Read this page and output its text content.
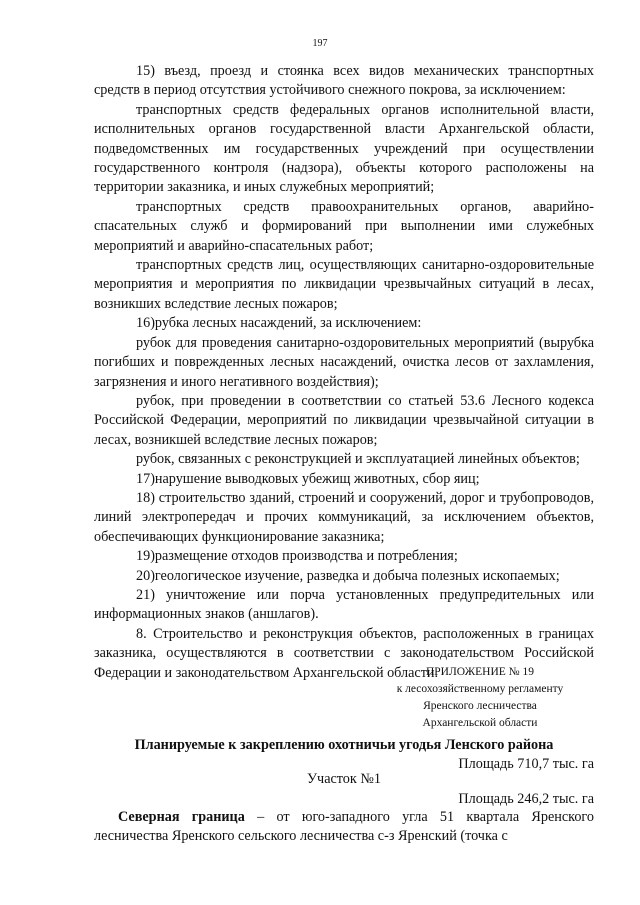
197

15) въезд, проезд и стоянка всех видов механических транспортных средств в период отсутствия устойчивого снежного покрова, за исключением:

транспортных средств федеральных органов исполнительной власти, исполнительных органов государственной власти Архангельской области, подведомственных им государственных учреждений при осуществлении государственного контроля (надзора), объекты которого расположены на территории заказника, и иных служебных мероприятий;

транспортных средств правоохранительных органов, аварийно-спасательных служб и формирований при выполнении ими служебных мероприятий и аварийно-спасательных работ;

транспортных средств лиц, осуществляющих санитарно-оздоровительные мероприятия и мероприятия по ликвидации чрезвычайных ситуаций в лесах, возникших вследствие лесных пожаров;

16)рубка лесных насаждений, за исключением:

рубок для проведения санитарно-оздоровительных мероприятий (вырубка погибших и поврежденных лесных насаждений, очистка лесов от захламления, загрязнения и иного негативного воздействия);

рубок, при проведении в соответствии со статьей 53.6 Лесного кодекса Российской Федерации, мероприятий по ликвидации чрезвычайной ситуации в лесах, возникшей вследствие лесных пожаров;

рубок, связанных с реконструкцией и эксплуатацией линейных объектов;

17)нарушение выводковых убежищ животных, сбор яиц;

18) строительство зданий, строений и сооружений, дорог и трубопроводов, линий электропередач и прочих коммуникаций, за исключением объектов, обеспечивающих функционирование заказника;

19)размещение отходов производства и потребления;

20)геологическое изучение, разведка и добыча полезных ископаемых;

21) уничтожение или порча установленных предупредительных или информационных знаков (аншлагов).

8. Строительство и реконструкция объектов, расположенных в границах заказника, осуществляются в соответствии с законодательством Российской Федерации и законодательством Архангельской области.

ПРИЛОЖЕНИЕ № 19
к лесохозяйственному регламенту
Яренского лесничества
Архангельской области
Планируемые к закреплению охотничьи угодья Ленского района
Площадь 710,7 тыс. га
Участок №1
Площадь 246,2 тыс. га
Северная граница – от юго-западного угла 51 квартала Яренского лесничества Яренского сельского лесничества с-з Яренский (точка с
